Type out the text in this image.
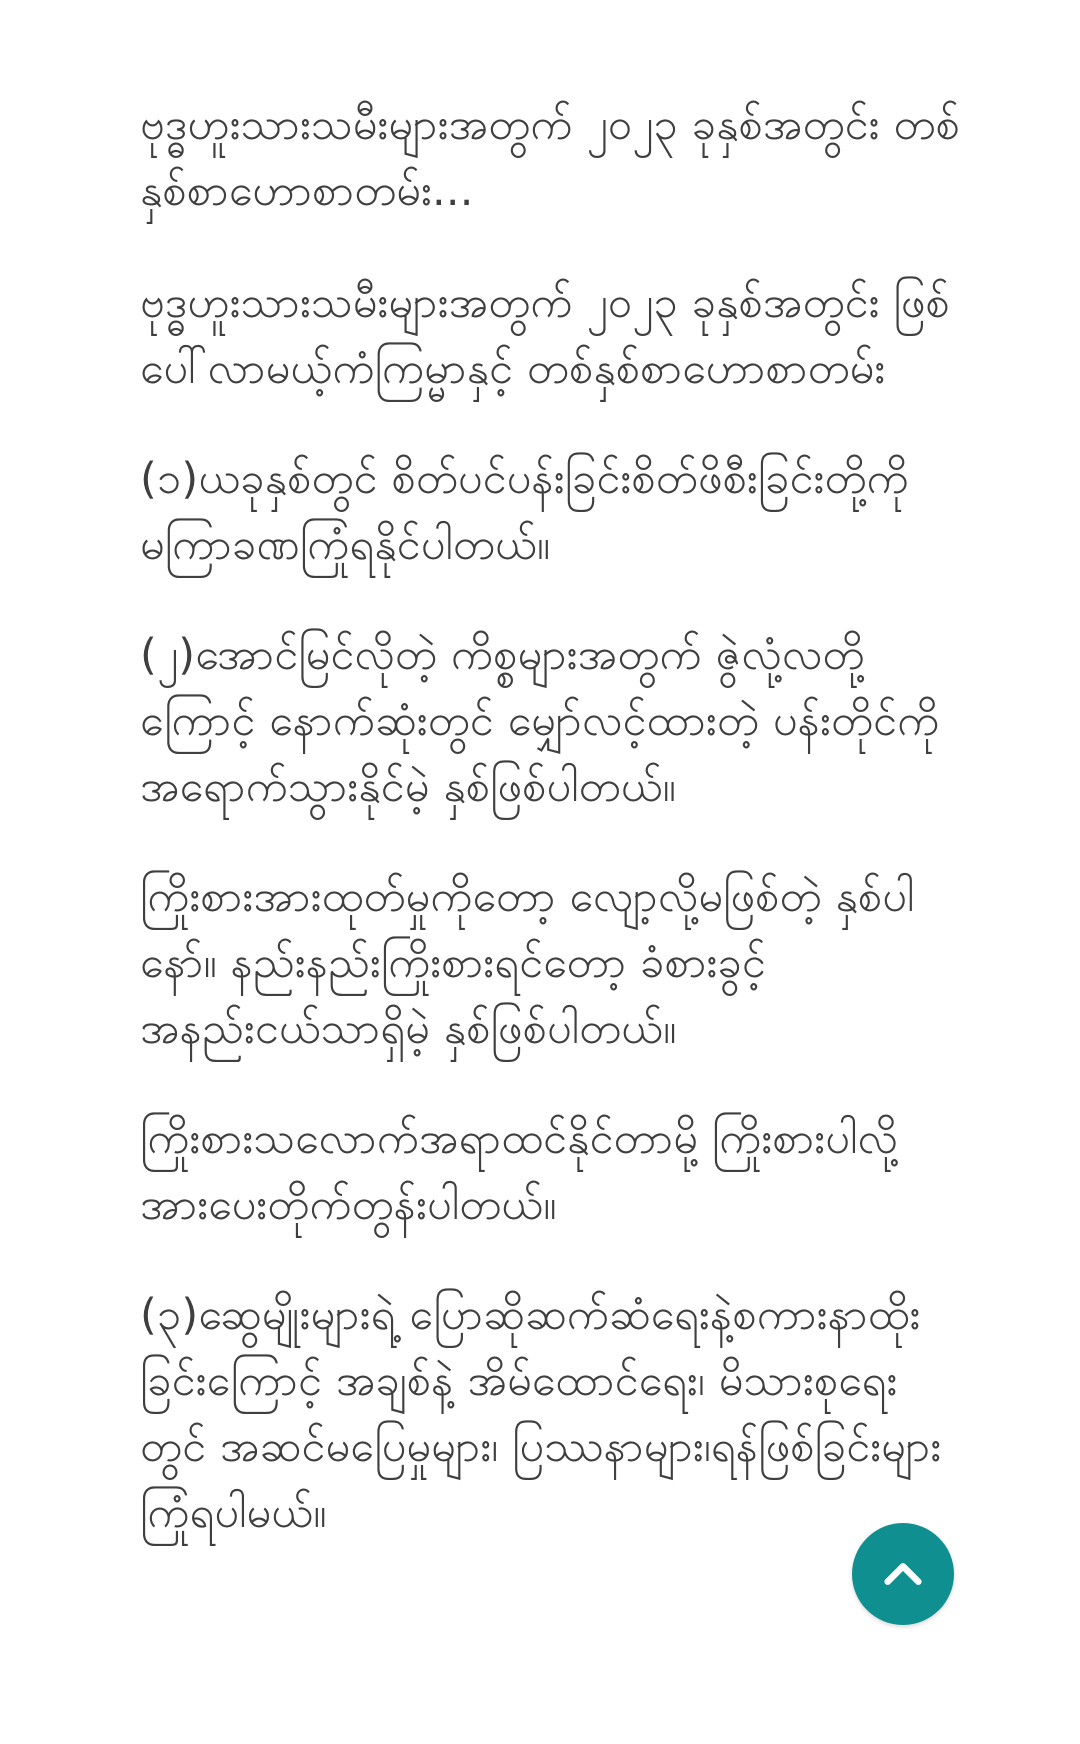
ဗုဒ္ဓဟူးသားသမီးများအတွက် ၂၀၂၃ ခုနှစ်အတွင်း တစ်နှစ်စာဟောစာတမ်း...

ဗုဒ္ဓဟူးသားသမီးများအတွက် ၂၀၂၃ ခုနှစ်အတွင်း ဖြစ်ပေါ်လာမယ့်ကံကြမ္မာနှင့် တစ်နှစ်စာဟောစာတမ်း

(၁)ယခုနှစ်တွင် စိတ်ပင်ပန်းခြင်းစိတ်ဖိစီးခြင်းတို့ကိုမကြာခဏကြုံရနိုင်ပါတယ်။

(၂)အောင်မြင်လိုတဲ့ ကိစ္စများအတွက် ဇွဲလုံ့လတို့ကြောင့် နောက်ဆုံးတွင် မျှော်လင့်ထားတဲ့ ပန်းတိုင်ကို အရောက်သွားနိုင်မဲ့ နှစ်ဖြစ်ပါတယ်။

ကြိုးစားအားထုတ်မှုကိုတော့ လျော့လို့မဖြစ်တဲ့ နှစ်ပါနော်။ နည်းနည်းကြိုးစားရင်တော့ ခံစားခွင့် အနည်းငယ်သာရှိမဲ့ နှစ်ဖြစ်ပါတယ်။

ကြိုးစားသလောက်အရာထင်နိုင်တာမို့ ကြိုးစားပါလို့ အားပေးတိုက်တွန်းပါတယ်။

(၃)ဆွေမျိုးများရဲ့ ပြောဆိုဆက်ဆံရေးနဲ့စကားနာထိုးခြင်းကြောင့် အချစ်နဲ့ အိမ်ထောင်ရေး၊ မိသားစုရေးတွင် အဆင်မပြေမှုများ၊ ပြဿနာများ၊ရန်ဖြစ်ခြင်းများကြုံရပါမယ်။
